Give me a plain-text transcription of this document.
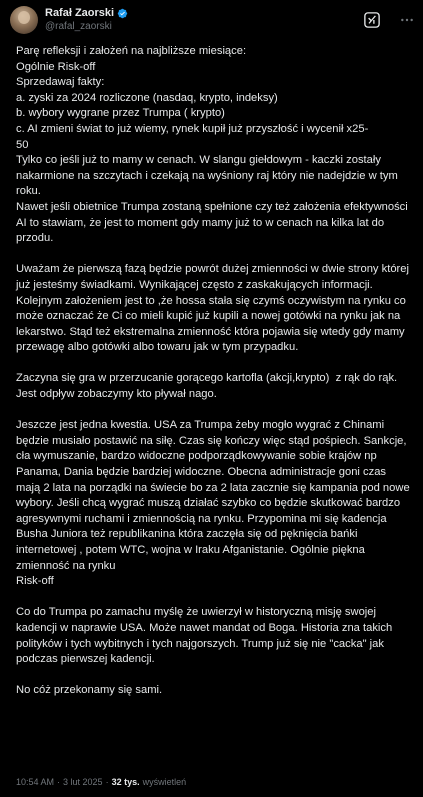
Rafał Zaorski
@rafal_zaorski
Parę refleksji i założeń na najbliższe miesiące:
Ogólnie Risk-off
Sprzedawaj fakty:
a. zyski za 2024 rozliczone (nasdaq, krypto, indeksy)
b. wybory wygrane przez Trumpa ( krypto)
c. AI zmieni świat to już wiemy, rynek kupił już przyszłość i wycenił x25-
50
Tylko co jeśli już to mamy w cenach. W slangu giełdowym - kaczki zostały nakarmione na szczytach i czekają na wyśniony raj który nie nadejdzie w tym roku.
Nawet jeśli obietnice Trumpa zostaną spełnione czy też założenia efektywności AI to stawiam, że jest to moment gdy mamy już to w cenach na kilka lat do przodu.

Uważam że pierwszą fazą będzie powrót dużej zmienności w dwie strony której już jesteśmy świadkami. Wynikającej często z zaskakujących informacji.
Kolejnym założeniem jest to ,że hossa stała się czymś oczywistym na rynku co może oznaczać że Ci co mieli kupić już kupili a nowej gotówki na rynku jak na lekarstwo. Stąd też ekstremalna zmienność która pojawia się wtedy gdy mamy przewagę albo gotówki albo towaru jak w tym przypadku.

Zaczyna się gra w przerzucanie gorącego kartofla (akcji,krypto)  z rąk do rąk. Jest odpływ zobaczymy kto pływał nago.

Jeszcze jest jedna kwestia. USA za Trumpa żeby mogło wygrać z Chinami będzie musiało postawić na siłę. Czas się kończy więc stąd pośpiech. Sankcje, cła wymuszanie, bardzo widoczne podporządkowywanie sobie krajów np Panama, Dania będzie bardziej widoczne. Obecna administracje goni czas mają 2 lata na porządki na świecie bo za 2 lata zacznie się kampania pod nowe wybory. Jeśli chcą wygrać muszą działać szybko co będzie skutkować bardzo agresywnymi ruchami i zmiennością na rynku. Przypomina mi się kadencja Busha Juniora też republikanina która zaczęła się od pęknięcia bańki internetowej , potem WTC, wojna w Iraku Afganistanie. Ogólnie piękna zmienność na rynku
Risk-off

Co do Trumpa po zamachu myślę że uwierzył w historyczną misję swojej kadencji w naprawie USA. Może nawet mandat od Boga. Historia zna takich polityków i tych wybitnych i tych najgorszych. Trump już się nie "cacka" jak podczas pierwszej kadencji.

No cóż przekonamy się sami.
10:54 AM · 3 lut 2025 · 32 tys. wyświetleń
